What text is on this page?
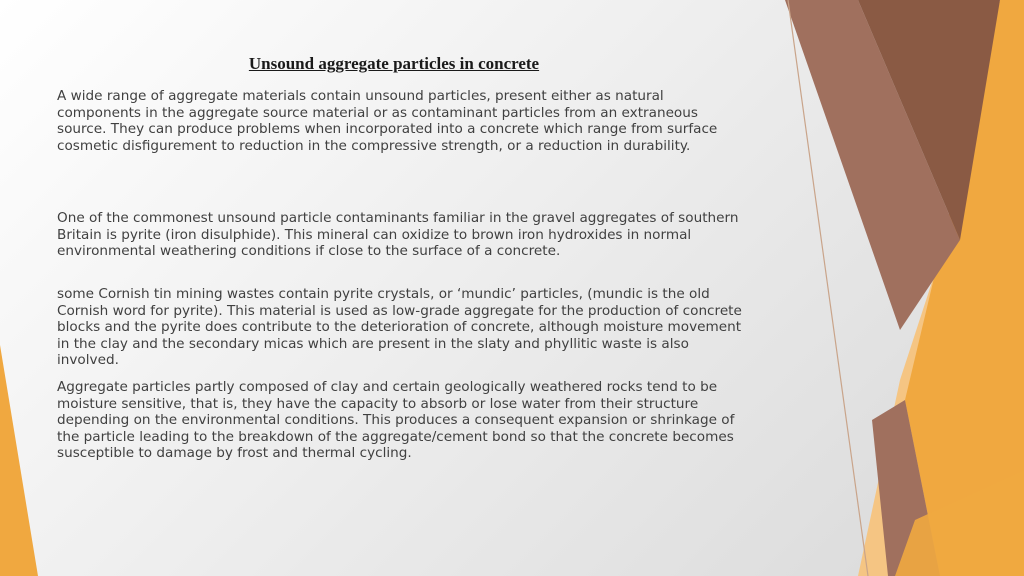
Unsound aggregate particles in concrete

A wide range of aggregate materials contain unsound particles, present either as natural components in the aggregate source material or as contaminant particles from an extraneous source. They can produce problems when incorporated into a concrete which range from surface cosmetic disfigurement to reduction in the compressive strength, or a reduction in durability.

One of the commonest unsound particle contaminants familiar in the gravel aggregates of southern Britain is pyrite (iron disulphide). This mineral can oxidize to brown iron hydroxides in normal environmental weathering conditions if close to the surface of a concrete.

some Cornish tin mining wastes contain pyrite crystals, or ‘mundic’ particles, (mundic is the old Cornish word for pyrite). This material is used as low-grade aggregate for the production of concrete blocks and the pyrite does contribute to the deterioration of concrete, although moisture movement in the clay and the secondary micas which are present in the slaty and phyllitic waste is also involved.

Aggregate particles partly composed of clay and certain geologically weathered rocks tend to be moisture sensitive, that is, they have the capacity to absorb or lose water from their structure depending on the environmental conditions. This produces a consequent expansion or shrinkage of the particle leading to the breakdown of the aggregate/cement bond so that the concrete becomes susceptible to damage by frost and thermal cycling.
